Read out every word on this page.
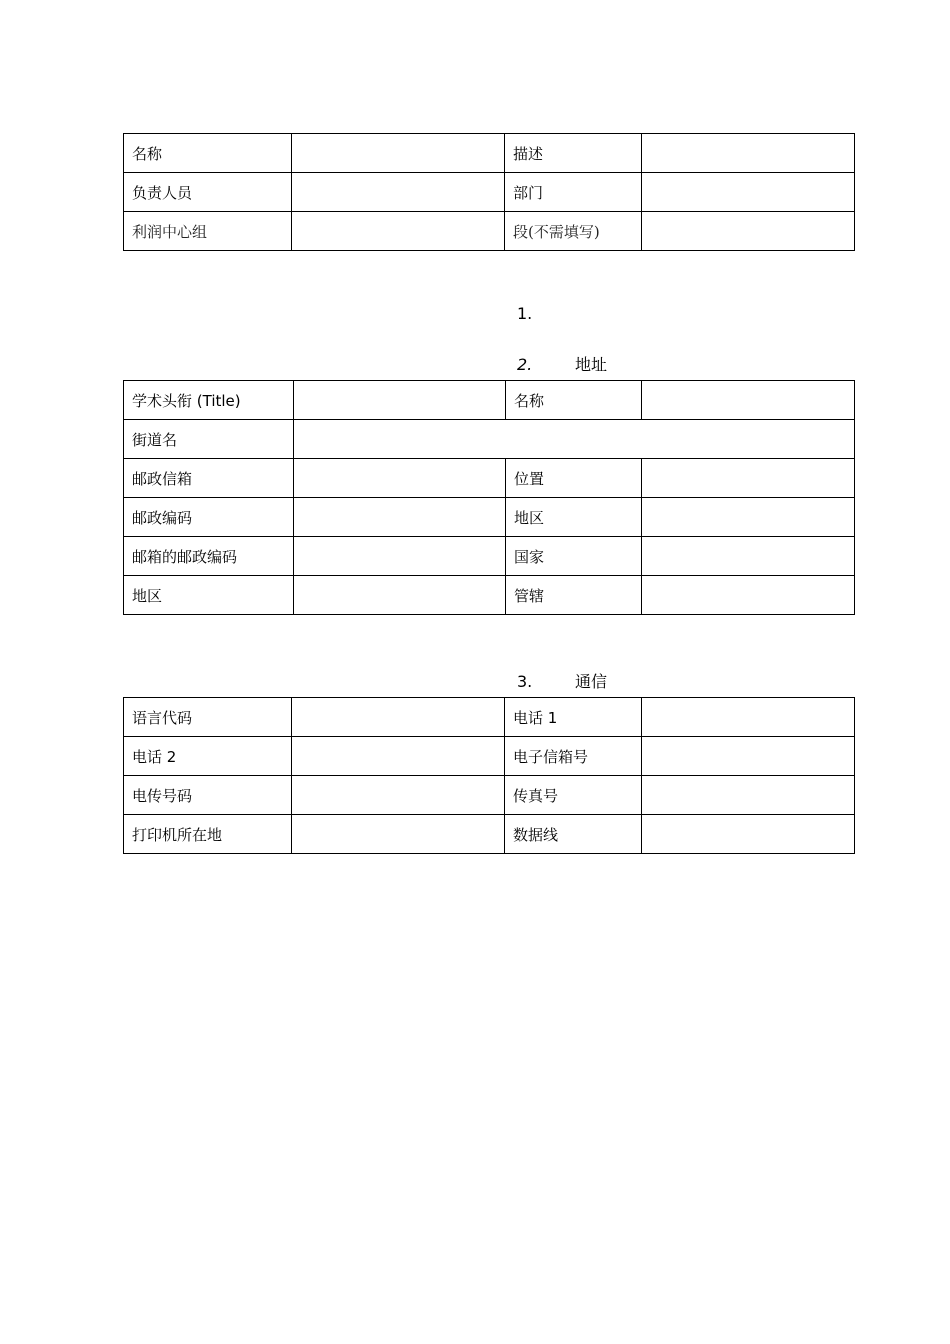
名称		描述	
负责人员		部门	
利润中心组		段(不需填写)	
1.
2.	地址
学术头衔 (Title)		名称	
街道名			
邮政信箱		位置	
邮政编码		地区	
邮箱的邮政编码		国家	
地区		管辖	
3.	通信
语言代码		电话 1	
电话 2		电子信箱号	
电传号码		传真号	
打印机所在地		数据线	
